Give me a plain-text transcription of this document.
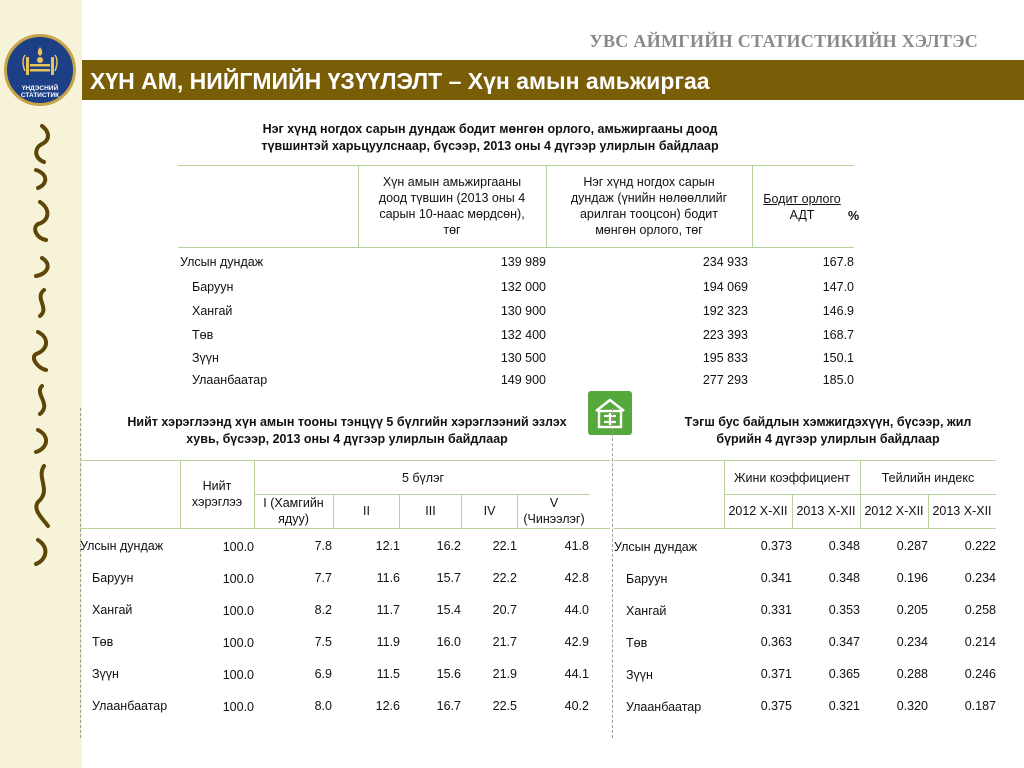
ҮНДЭСНИЙ СТАТИСТИК
УВС АЙМГИЙН СТАТИСТИКИЙН ХЭЛТЭС
ХҮН АМ, НИЙГМИЙН ҮЗҮҮЛЭЛТ – Хүн амын амьжиргаа
Нэг хүнд ногдох сарын дундаж бодит мөнгөн орлого, амьжиргааны доод
түвшинтэй харьцуулснаар, бүсээр, 2013 оны 4 дүгээр улирлын байдлаар
Хүн амын амьжиргааны
доод түвшин (2013 оны 4
сарын 10-наас мөрдсөн),
төг
Нэг хүнд ногдох сарын
дундаж (үнийн нөлөөллийг
арилган тооцсон) бодит
мөнгөн орлого, төг
Бодит орлого
АДТ	%
Улсын дундаж	139 989	234 933	167.8
Баруун	132 000	194 069	147.0
Хангай	130 900	192 323	146.9
Төв	132 400	223 393	168.7
Зүүн	130 500	195 833	150.1
Улаанбаатар	149 900	277 293	185.0
Нийт хэрэглээнд хүн амын тооны тэнцүү 5 бүлгийн хэрэглээний эзлэх
хувь, бүсээр, 2013 оны 4 дүгээр улирлын байдлаар
Нийт
хэрэглээ
5 бүлэг
I (Хамгийн
ядуу)
II	III	IV
V
(Чинээлэг)
Улсын дундаж	100.0	7.8	12.1	16.2	22.1	41.8
Баруун	100.0	7.7	11.6	15.7	22.2	42.8
Хангай	100.0	8.2	11.7	15.4	20.7	44.0
Төв	100.0	7.5	11.9	16.0	21.7	42.9
Зүүн	100.0	6.9	11.5	15.6	21.9	44.1
Улаанбаатар	100.0	8.0	12.6	16.7	22.5	40.2
Тэгш бус байдлын хэмжигдэхүүн, бүсээр, жил
бүрийн 4 дүгээр улирлын байдлаар
Жини коэффициент	Тейлийн индекс
2012 X-XII 2013 X-XII 2012 X-XII 2013 X-XII
Улсын дундаж	0.373	0.348	0.287	0.222
Баруун	0.341	0.348	0.196	0.234
Хангай	0.331	0.353	0.205	0.258
Төв	0.363	0.347	0.234	0.214
Зүүн	0.371	0.365	0.288	0.246
Улаанбаатар	0.375	0.321	0.320	0.187
